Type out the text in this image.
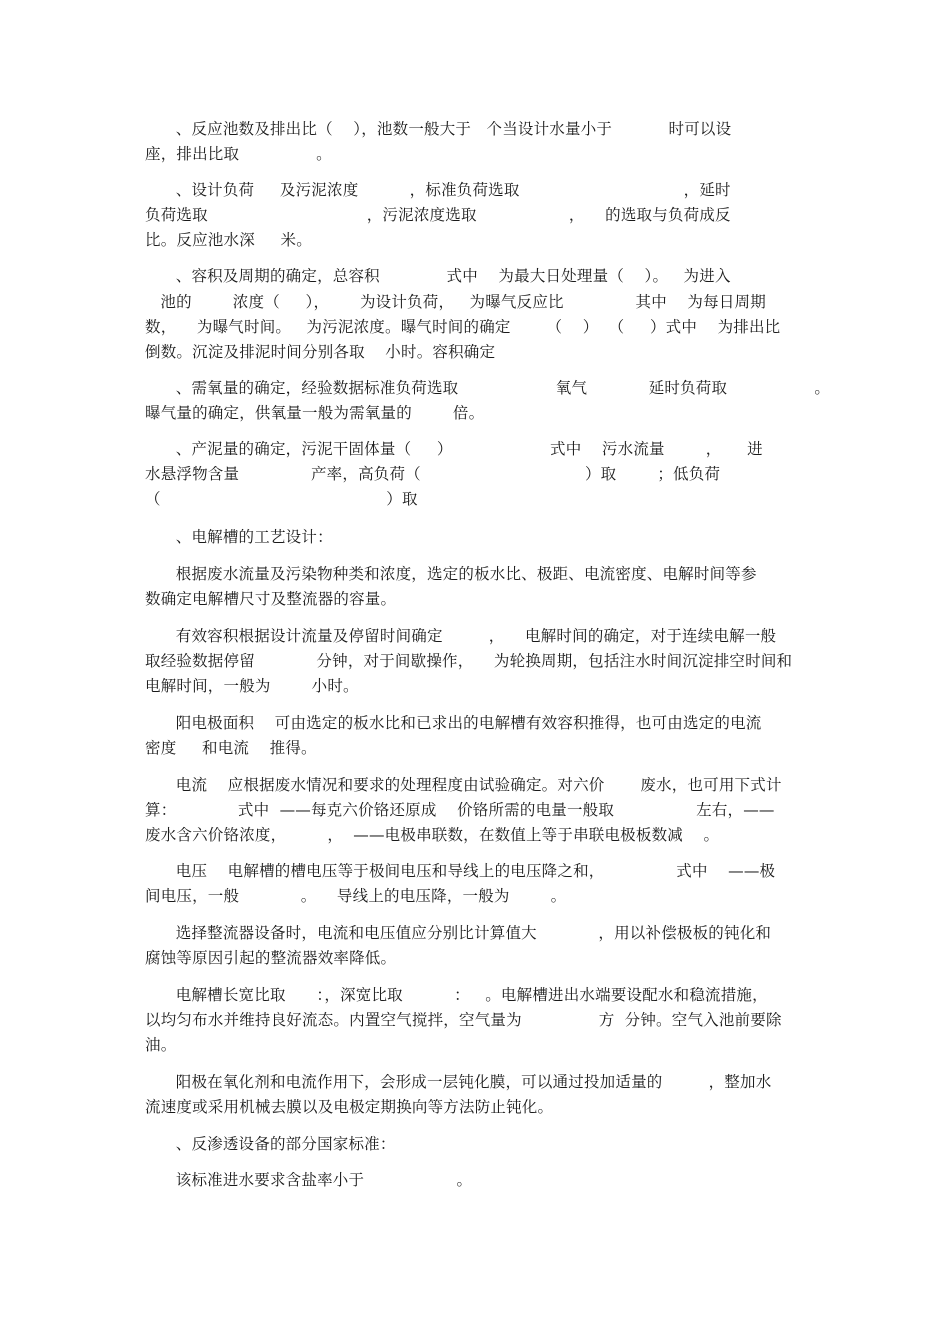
、反应池数及排出比（    ），池数一般大于   个当设计水量小于           时可以设
座，排出比取               。
、设计负荷     及污泥浓度          ，标准负荷选取                                ，延时
负荷选取                               ，污泥浓度选取                  ，    的选取与负荷成反
比。反应池水深     米。
、容积及周期的确定，总容积             式中    为最大日处理量（    ）。   为进入
池的        浓度（     ），      为设计负荷，   为曝气反应比              其中    为每日周期
数，    为曝气时间。   为污泥浓度。曝气时间的确定       （    ）  （     ）式中    为排出比
倒数。沉淀及排泥时间分别各取    小时。容积确定
、需氧量的确定，经验数据标准负荷选取                   氧气            延时负荷取                 。
曝气量的确定，供氧量一般为需氧量的        倍。
、产泥量的确定，污泥干固体量（     ）                   式中    污水流量        ，     进
水悬浮物含量              产率，高负荷（                                ）取        ；低负荷
（                                            ）取
、电解槽的工艺设计：
根据废水流量及污染物种类和浓度，选定的板水比、极距、电流密度、电解时间等参
数确定电解槽尺寸及整流器的容量。
有效容积根据设计流量及停留时间确定         ，    电解时间的确定，对于连续电解一般
取经验数据停留            分钟，对于间歇操作，    为轮换周期，包括注水时间沉淀排空时间和
电解时间，一般为        小时。
阳电极面积    可由选定的板水比和已求出的电解槽有效容积推得，也可由选定的电流
密度     和电流    推得。
电流    应根据废水情况和要求的处理程度由试验确定。对六价       废水，也可用下式计
算：            式中  ——每克六价铬还原成    价铬所需的电量一般取                左右，——
废水含六价铬浓度，        ，  ——电极串联数，在数值上等于串联电极板数减    。
电压    电解槽的槽电压等于极间电压和导线上的电压降之和，              式中    ——极
间电压，一般            。    导线上的电压降，一般为        。
选择整流器设备时，电流和电压值应分别比计算值大            ，用以补偿极板的钝化和
腐蚀等原因引起的整流器效率降低。
电解槽长宽比取      ：，深宽比取          ：   。电解槽进出水端要设配水和稳流措施，
以均匀布水并维持良好流态。内置空气搅拌，空气量为               方  分钟。空气入池前要除
油。
阳极在氧化剂和电流作用下，会形成一层钝化膜，可以通过投加适量的         ，整加水
流速度或采用机械去膜以及电极定期换向等方法防止钝化。
、反渗透设备的部分国家标准：
该标准进水要求含盐率小于                  。
